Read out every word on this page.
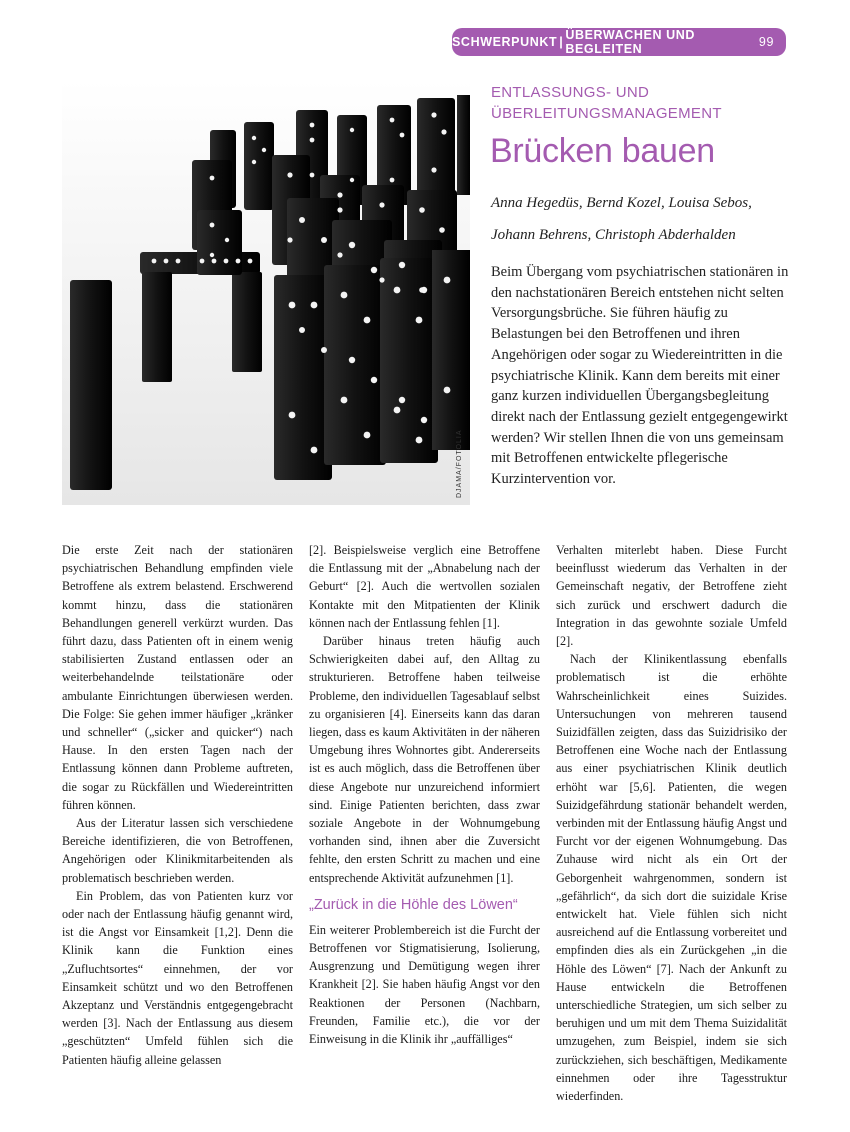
SCHWERPUNKT | ÜBERWACHEN UND BEGLEITEN	99
DJAMA/FOTOLIA
ENTLASSUNGS- UND
ÜBERLEITUNGSMANAGEMENT
Brücken bauen
Anna Hegedüs, Bernd Kozel, Louisa Sebos,
Johann Behrens, Christoph Abderhalden
Beim Übergang vom psychiatrischen stationären in den nachstationären Bereich entstehen nicht selten Versorgungsbrüche. Sie führen häufig zu Belastungen bei den Betroffenen und ihren Angehörigen oder sogar zu Wiedereintritten in die psychiatrische Klinik. Kann dem bereits mit einer ganz kurzen individuellen Übergangsbegleitung direkt nach der Entlassung gezielt entgegengewirkt werden? Wir stellen Ihnen die von uns gemeinsam mit Betroffenen entwickelte pflegerische Kurzintervention vor.

Die erste Zeit nach der stationären psychiatrischen Behandlung empfinden viele Betroffene als extrem belastend. Erschwerend kommt hinzu, dass die stationären Behandlungen generell verkürzt wurden. Das führt dazu, dass Patienten oft in einem wenig stabilisierten Zustand entlassen oder an weiterbehandelnde teilstationäre oder ambulante Einrichtungen überwiesen werden. Die Folge: Sie gehen immer häufiger „kränker und schneller“ („sicker and quicker“) nach Hause. In den ersten Tagen nach der Entlassung können dann Probleme auftreten, die sogar zu Rückfällen und Wiedereintritten führen können.

Aus der Literatur lassen sich verschiedene Bereiche identifizieren, die von Betroffenen, Angehörigen oder Klinikmitarbeitenden als problematisch beschrieben werden.

Ein Problem, das von Patienten kurz vor oder nach der Entlassung häufig genannt wird, ist die Angst vor Einsamkeit [1,2]. Denn die Klinik kann die Funktion eines „Zufluchtsortes“ einnehmen, der vor Einsamkeit schützt und wo den Betroffenen Akzeptanz und Verständnis entgegengebracht werden [3]. Nach der Entlassung aus diesem „geschützten“ Umfeld fühlen sich die Patienten häufig alleine gelassen

[2]. Beispielsweise verglich eine Betroffene die Entlassung mit der „Abnabelung nach der Geburt“ [2]. Auch die wertvollen sozialen Kontakte mit den Mitpatienten der Klinik können nach der Entlassung fehlen [1].

Darüber hinaus treten häufig auch Schwierigkeiten dabei auf, den Alltag zu strukturieren. Betroffene haben teilweise Probleme, den individuellen Tagesablauf selbst zu organisieren [4]. Einerseits kann das daran liegen, dass es kaum Aktivitäten in der näheren Umgebung ihres Wohnortes gibt. Andererseits ist es auch möglich, dass die Betroffenen über diese Angebote nur unzureichend informiert sind. Einige Patienten berichten, dass zwar soziale Angebote in der Wohnumgebung vorhanden sind, ihnen aber die Zuversicht fehlte, den ersten Schritt zu machen und eine entsprechende Aktivität aufzunehmen [1].

„Zurück in die Höhle des Löwen“

Ein weiterer Problembereich ist die Furcht der Betroffenen vor Stigmatisierung, Isolierung, Ausgrenzung und Demütigung wegen ihrer Krankheit [2]. Sie haben häufig Angst vor den Reaktionen der Personen (Nachbarn, Freunden, Familie etc.), die vor der Einweisung in die Klinik ihr „auffälliges“

Verhalten miterlebt haben. Diese Furcht beeinflusst wiederum das Verhalten in der Gemeinschaft negativ, der Betroffene zieht sich zurück und erschwert dadurch die Integration in das gewohnte soziale Umfeld [2].

Nach der Klinikentlassung ebenfalls problematisch ist die erhöhte Wahrscheinlichkeit eines Suizides. Untersuchungen von mehreren tausend Suizidfällen zeigten, dass das Suizidrisiko der Betroffenen eine Woche nach der Entlassung aus einer psychiatrischen Klinik deutlich erhöht war [5,6]. Patienten, die wegen Suizidgefährdung stationär behandelt werden, verbinden mit der Entlassung häufig Angst und Furcht vor der eigenen Wohnumgebung. Das Zuhause wird nicht als ein Ort der Geborgenheit wahrgenommen, sondern ist „gefährlich“, da sich dort die suizidale Krise entwickelt hat. Viele fühlen sich nicht ausreichend auf die Entlassung vorbereitet und empfinden dies als ein Zurückgehen „in die Höhle des Löwen“ [7]. Nach der Ankunft zu Hause entwickeln die Betroffenen unterschiedliche Strategien, um sich selber zu beruhigen und um mit dem Thema Suizidalität umzugehen, zum Beispiel, indem sie sich zurückziehen, sich beschäftigen, Medikamente einnehmen oder ihre Tagesstruktur wiederfinden.
